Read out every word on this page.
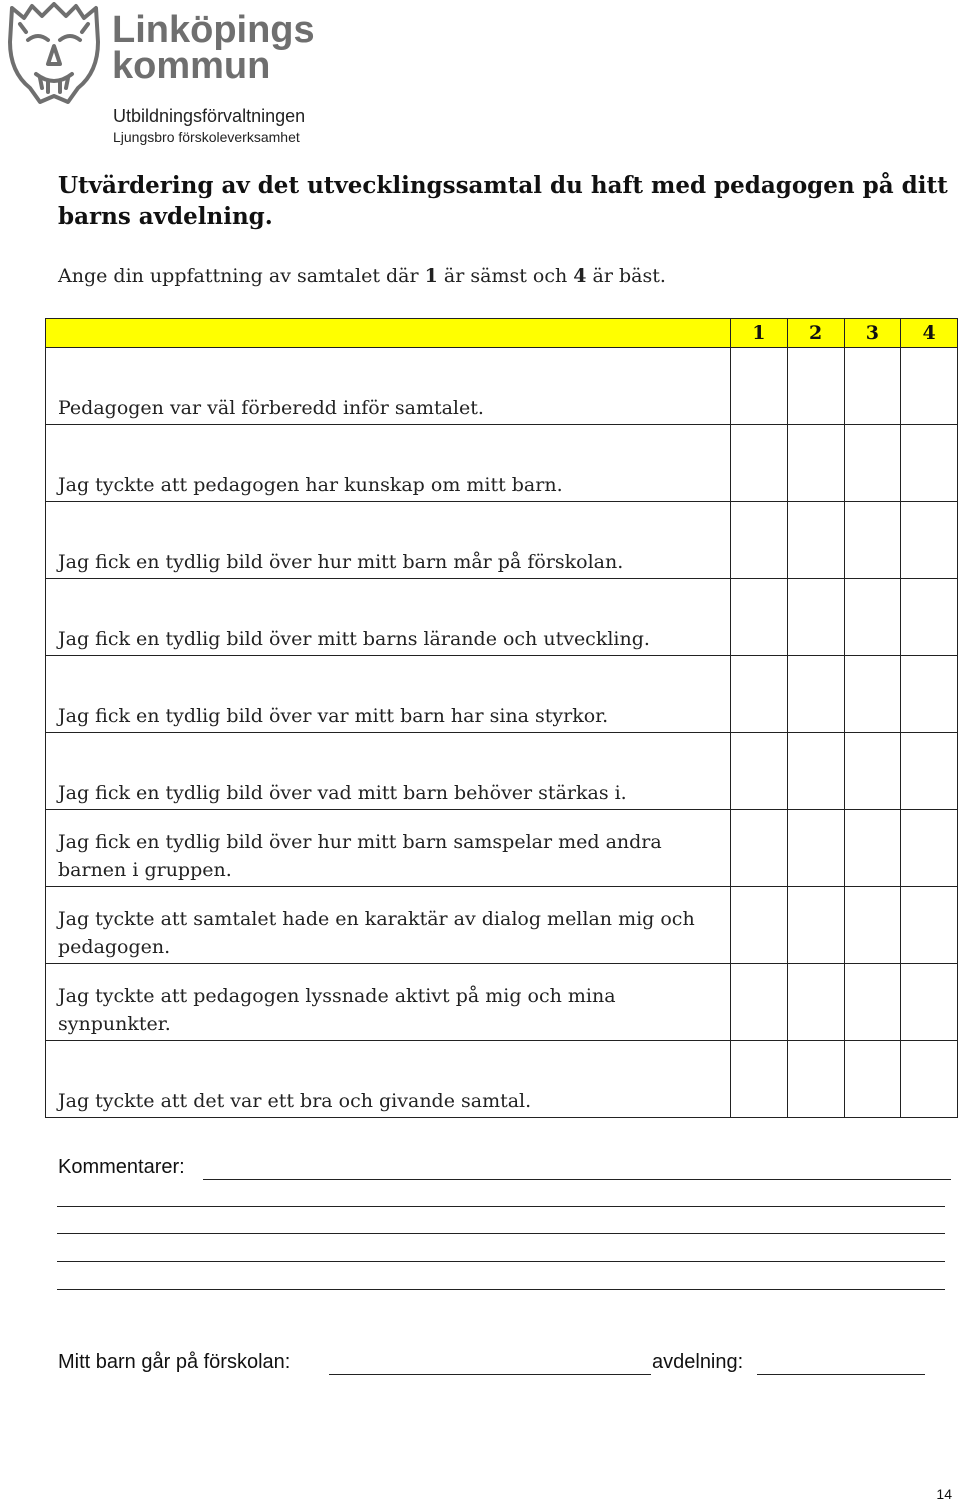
Linköpings
kommun
Utbildningsförvaltningen
Ljungsbro förskoleverksamhet
Utvärdering av det utvecklingssamtal du haft med pedagogen på ditt barns avdelning.
Ange din uppfattning av samtalet där 1 är sämst och 4 är bäst.
	1	2	3	4
Pedagogen var väl förberedd inför samtalet.				
Jag tyckte att pedagogen har kunskap om mitt barn.				
Jag fick en tydlig bild över hur mitt barn mår på förskolan.				
Jag fick en tydlig bild över mitt barns lärande och utveckling.				
Jag fick en tydlig bild över var mitt barn har sina styrkor.				
Jag fick en tydlig bild över vad mitt barn behöver stärkas i.				
Jag fick en tydlig bild över hur mitt barn samspelar med andra barnen i gruppen.				
Jag tyckte att samtalet hade en karaktär av dialog mellan mig och pedagogen.				
Jag tyckte att pedagogen lyssnade aktivt på mig och mina synpunkter.				
Jag tyckte att det var ett bra och givande samtal.				
Kommentarer:
Mitt barn går på förskolan:	avdelning:
14
